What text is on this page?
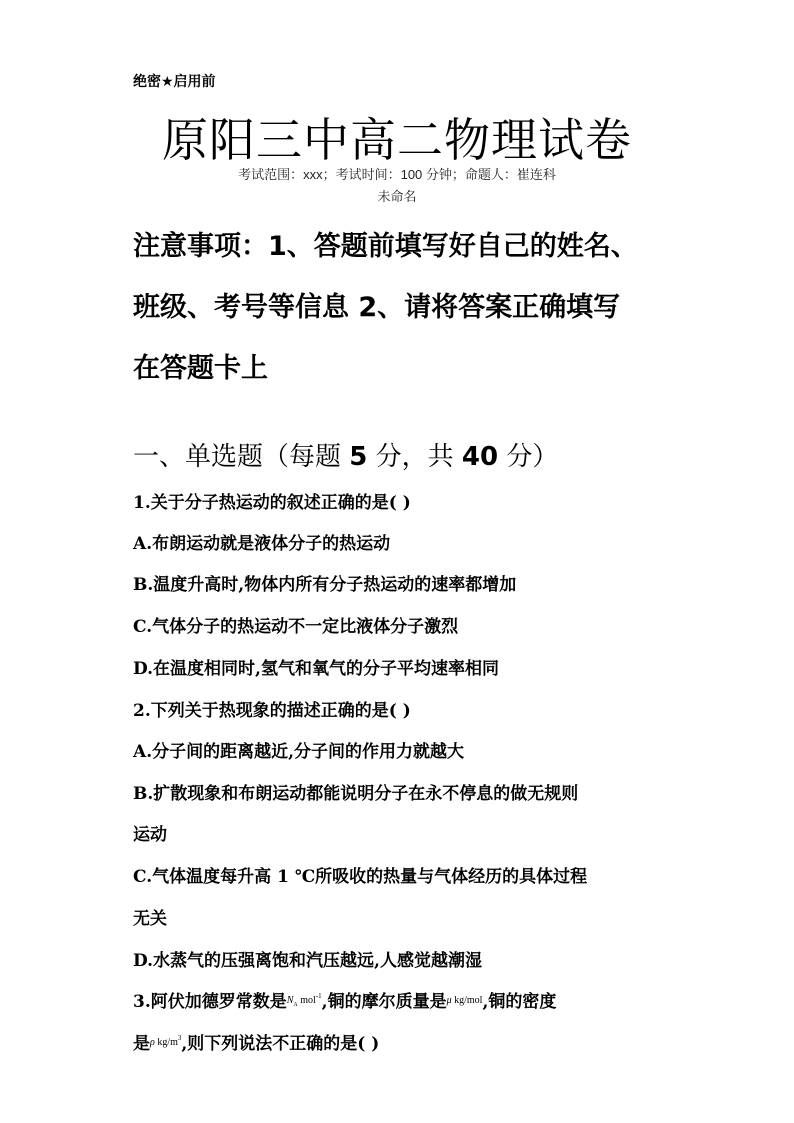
绝密★启用前
原阳三中高二物理试卷
考试范围：xxx；考试时间：100 分钟；命题人：崔连科
未命名
注意事项：1、答题前填写好自己的姓名、
班级、考号等信息 2、请将答案正确填写
在答题卡上
一、单选题（每题 5 分，共 40 分）
1.关于分子热运动的叙述正确的是( )
A.布朗运动就是液体分子的热运动
B.温度升高时,物体内所有分子热运动的速率都增加
C.气体分子的热运动不一定比液体分子激烈
D.在温度相同时,氢气和氧气的分子平均速率相同
2.下列关于热现象的描述正确的是( )
A.分子间的距离越近,分子间的作用力就越大
B.扩散现象和布朗运动都能说明分子在永不停息的做无规则
运动
C.气体温度每升高 1 ℃所吸收的热量与气体经历的具体过程
无关
D.水蒸气的压强离饱和汽压越远,人感觉越潮湿
3.阿伏加德罗常数是$^{N_A mol^{-1}}$,铜的摩尔质量是$^{\mu kg/mol}$,铜的密度
是$^{\rho kg/m^3}$,则下列说法不正确的是( )
